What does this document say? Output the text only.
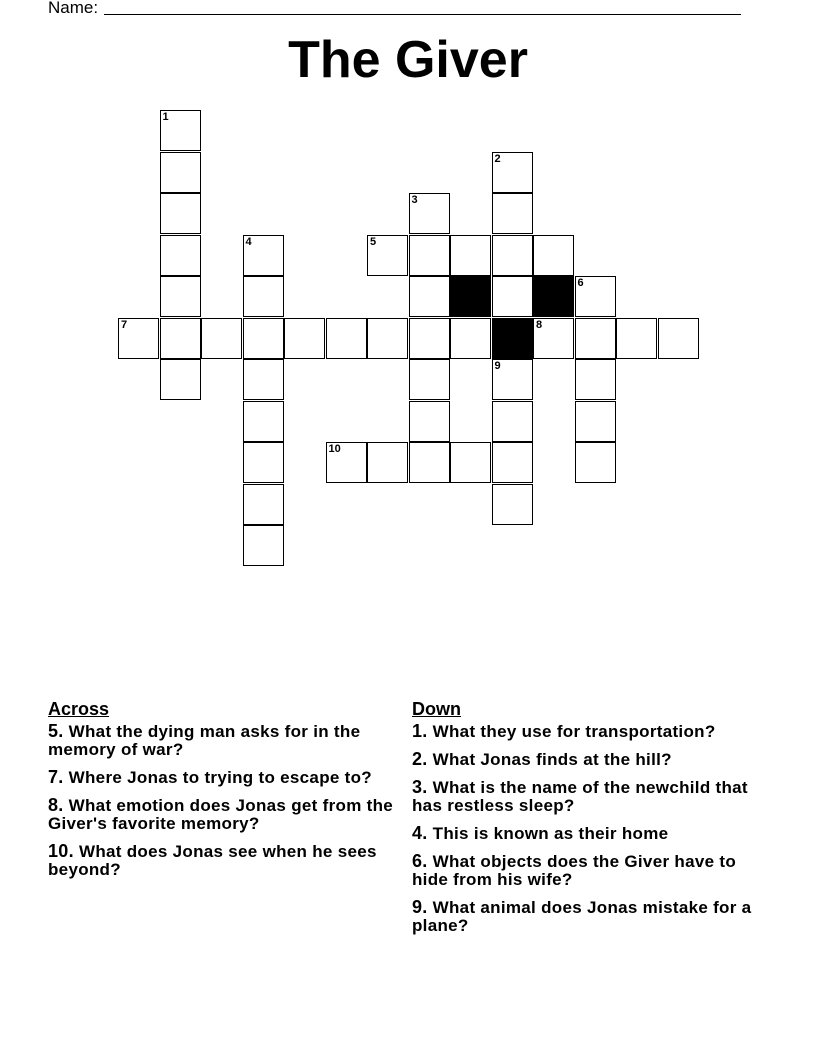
Name:
The Giver
1
2
3
4	5
6
7	8
9
10
Across
5. What the dying man asks for in the memory of war?
7. Where Jonas to trying to escape to?
8. What emotion does Jonas get from the Giver's favorite memory?
10. What does Jonas see when he sees beyond?
Down
1. What they use for transportation?
2. What Jonas finds at the hill?
3. What is the name of the newchild that has restless sleep?
4. This is known as their home
6. What objects does the Giver have to hide from his wife?
9. What animal does Jonas mistake for a plane?
